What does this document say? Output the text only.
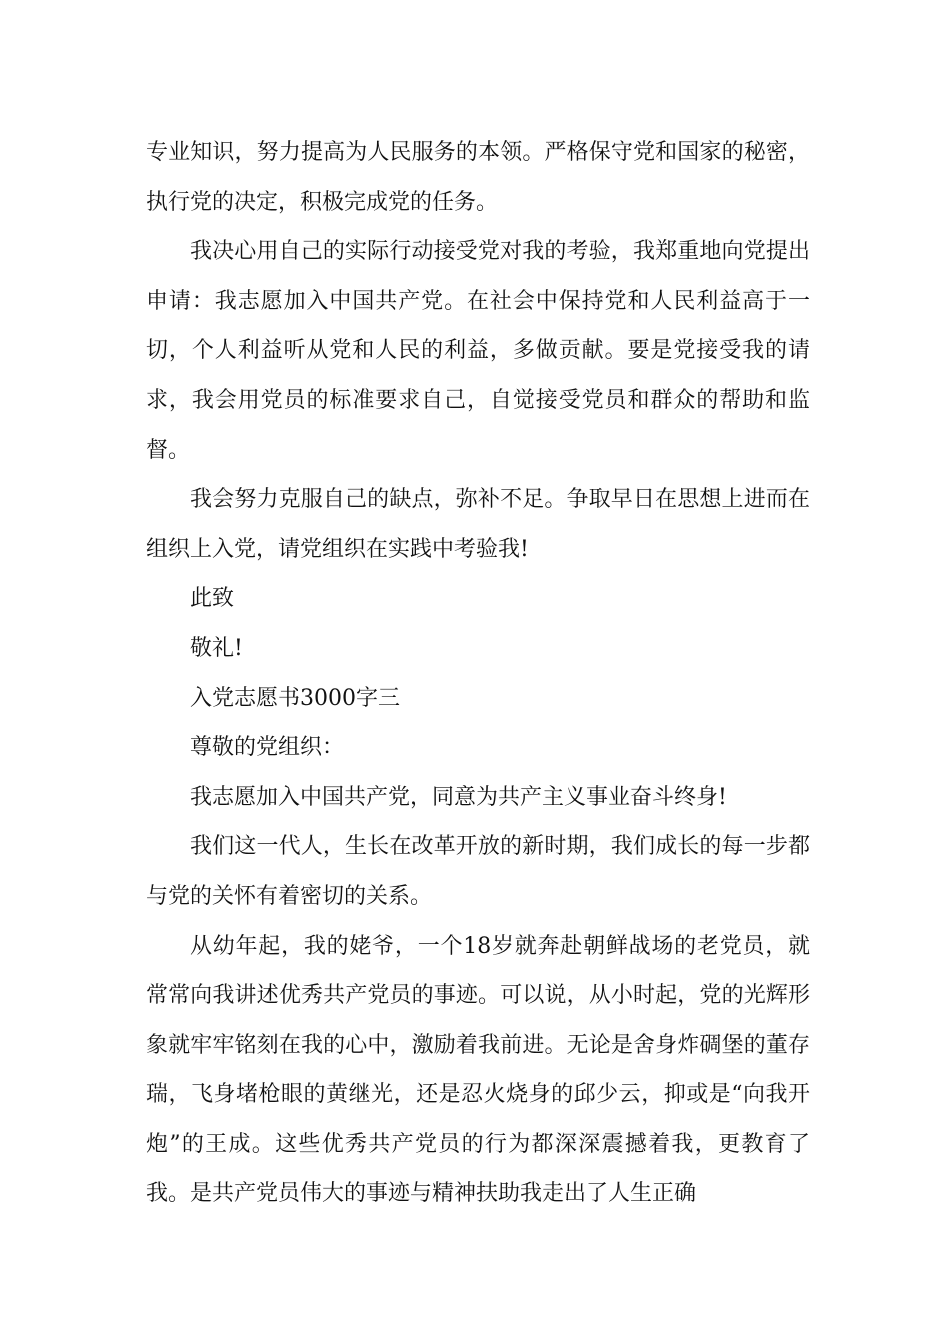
专业知识，努力提高为人民服务的本领。严格保守党和国家的秘密，执行党的决定，积极完成党的任务。

我决心用自己的实际行动接受党对我的考验，我郑重地向党提出申请：我志愿加入中国共产党。在社会中保持党和人民利益高于一切，个人利益听从党和人民的利益，多做贡献。要是党接受我的请求，我会用党员的标准要求自己，自觉接受党员和群众的帮助和监督。

我会努力克服自己的缺点，弥补不足。争取早日在思想上进而在组织上入党，请党组织在实践中考验我!

此致

敬礼!

入党志愿书3000字三

尊敬的党组织：

我志愿加入中国共产党，同意为共产主义事业奋斗终身!

我们这一代人，生长在改革开放的新时期，我们成长的每一步都与党的关怀有着密切的关系。

从幼年起，我的姥爷，一个18岁就奔赴朝鲜战场的老党员，就常常向我讲述优秀共产党员的事迹。可以说，从小时起，党的光辉形象就牢牢铭刻在我的心中，激励着我前进。无论是舍身炸碉堡的董存瑞，飞身堵枪眼的黄继光，还是忍火烧身的邱少云，抑或是“向我开炮”的王成。这些优秀共产党员的行为都深深震撼着我，更教育了我。是共产党员伟大的事迹与精神扶助我走出了人生正确
